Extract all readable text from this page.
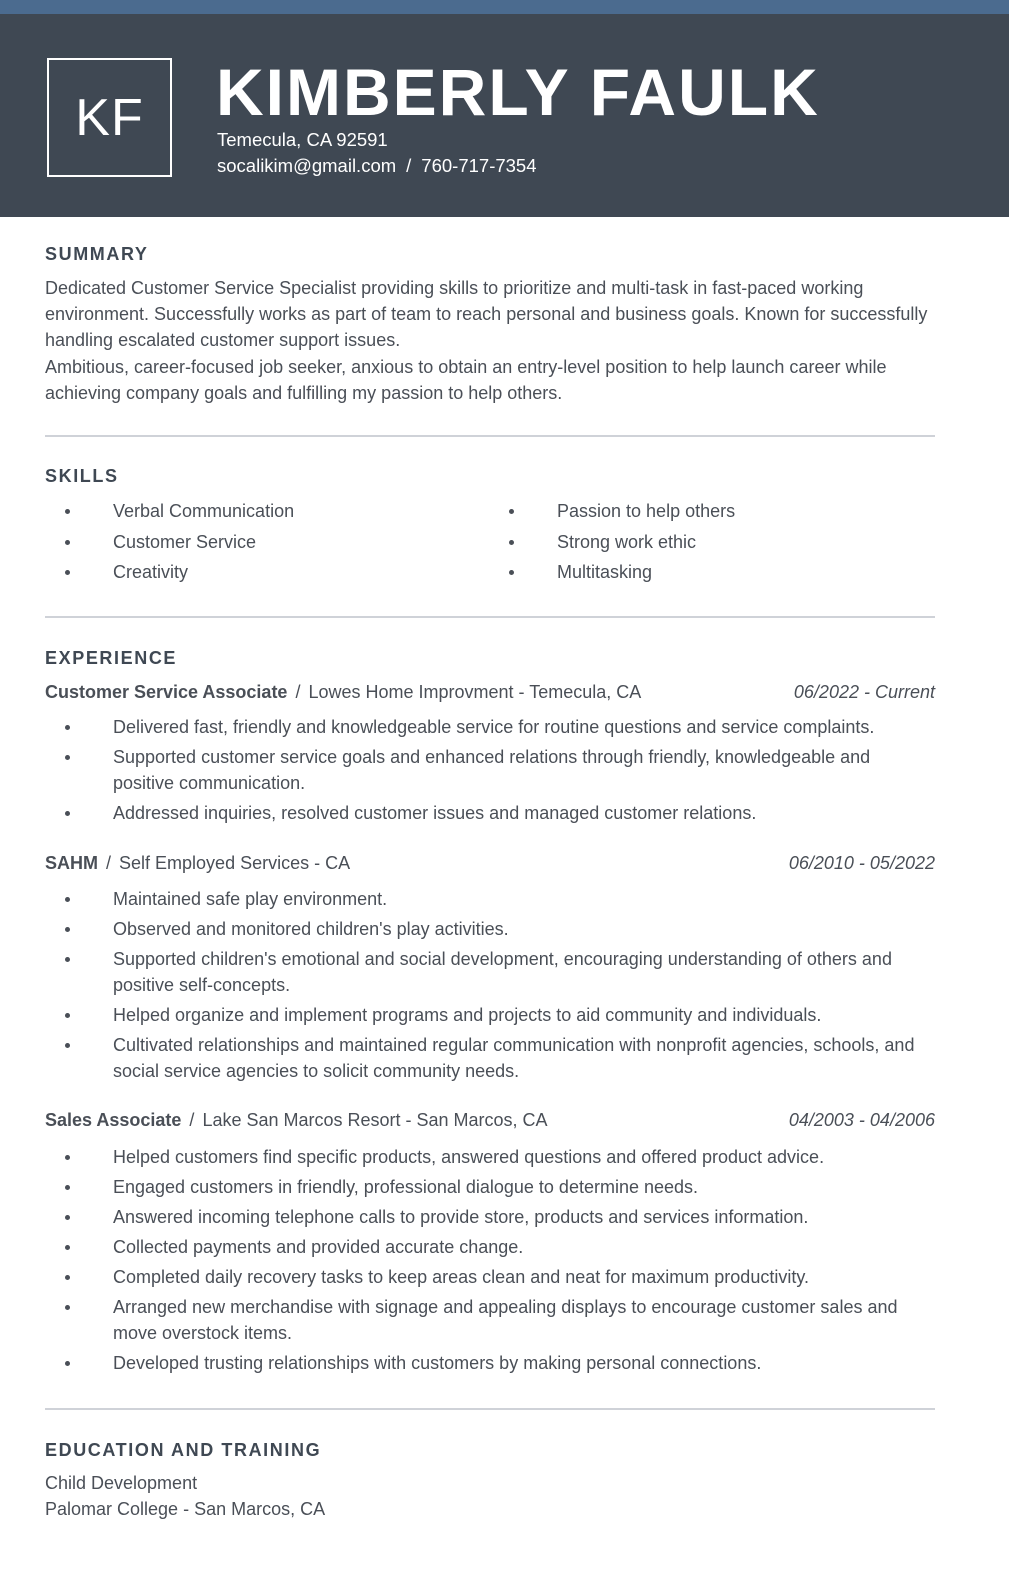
KF	KIMBERLY FAULK
Temecula, CA 92591
socalikim@gmail.com / 760-717-7354
SUMMARY
Dedicated Customer Service Specialist providing skills to prioritize and multi-task in fast-paced working environment. Successfully works as part of team to reach personal and business goals. Known for successfully handling escalated customer support issues.
Ambitious, career-focused job seeker, anxious to obtain an entry-level position to help launch career while achieving company goals and fulfilling my passion to help others.
SKILLS
Verbal Communication
Customer Service
Creativity
Passion to help others
Strong work ethic
Multitasking
EXPERIENCE
Customer Service Associate / Lowes Home Improvment - Temecula, CA	06/2022 - Current
Delivered fast, friendly and knowledgeable service for routine questions and service complaints.
Supported customer service goals and enhanced relations through friendly, knowledgeable and positive communication.
Addressed inquiries, resolved customer issues and managed customer relations.
SAHM / Self Employed Services - CA	06/2010 - 05/2022
Maintained safe play environment.
Observed and monitored children's play activities.
Supported children's emotional and social development, encouraging understanding of others and positive self-concepts.
Helped organize and implement programs and projects to aid community and individuals.
Cultivated relationships and maintained regular communication with nonprofit agencies, schools, and social service agencies to solicit community needs.
Sales Associate / Lake San Marcos Resort - San Marcos, CA	04/2003 - 04/2006
Helped customers find specific products, answered questions and offered product advice.
Engaged customers in friendly, professional dialogue to determine needs.
Answered incoming telephone calls to provide store, products and services information.
Collected payments and provided accurate change.
Completed daily recovery tasks to keep areas clean and neat for maximum productivity.
Arranged new merchandise with signage and appealing displays to encourage customer sales and move overstock items.
Developed trusting relationships with customers by making personal connections.
EDUCATION AND TRAINING
Child Development
Palomar College - San Marcos, CA
